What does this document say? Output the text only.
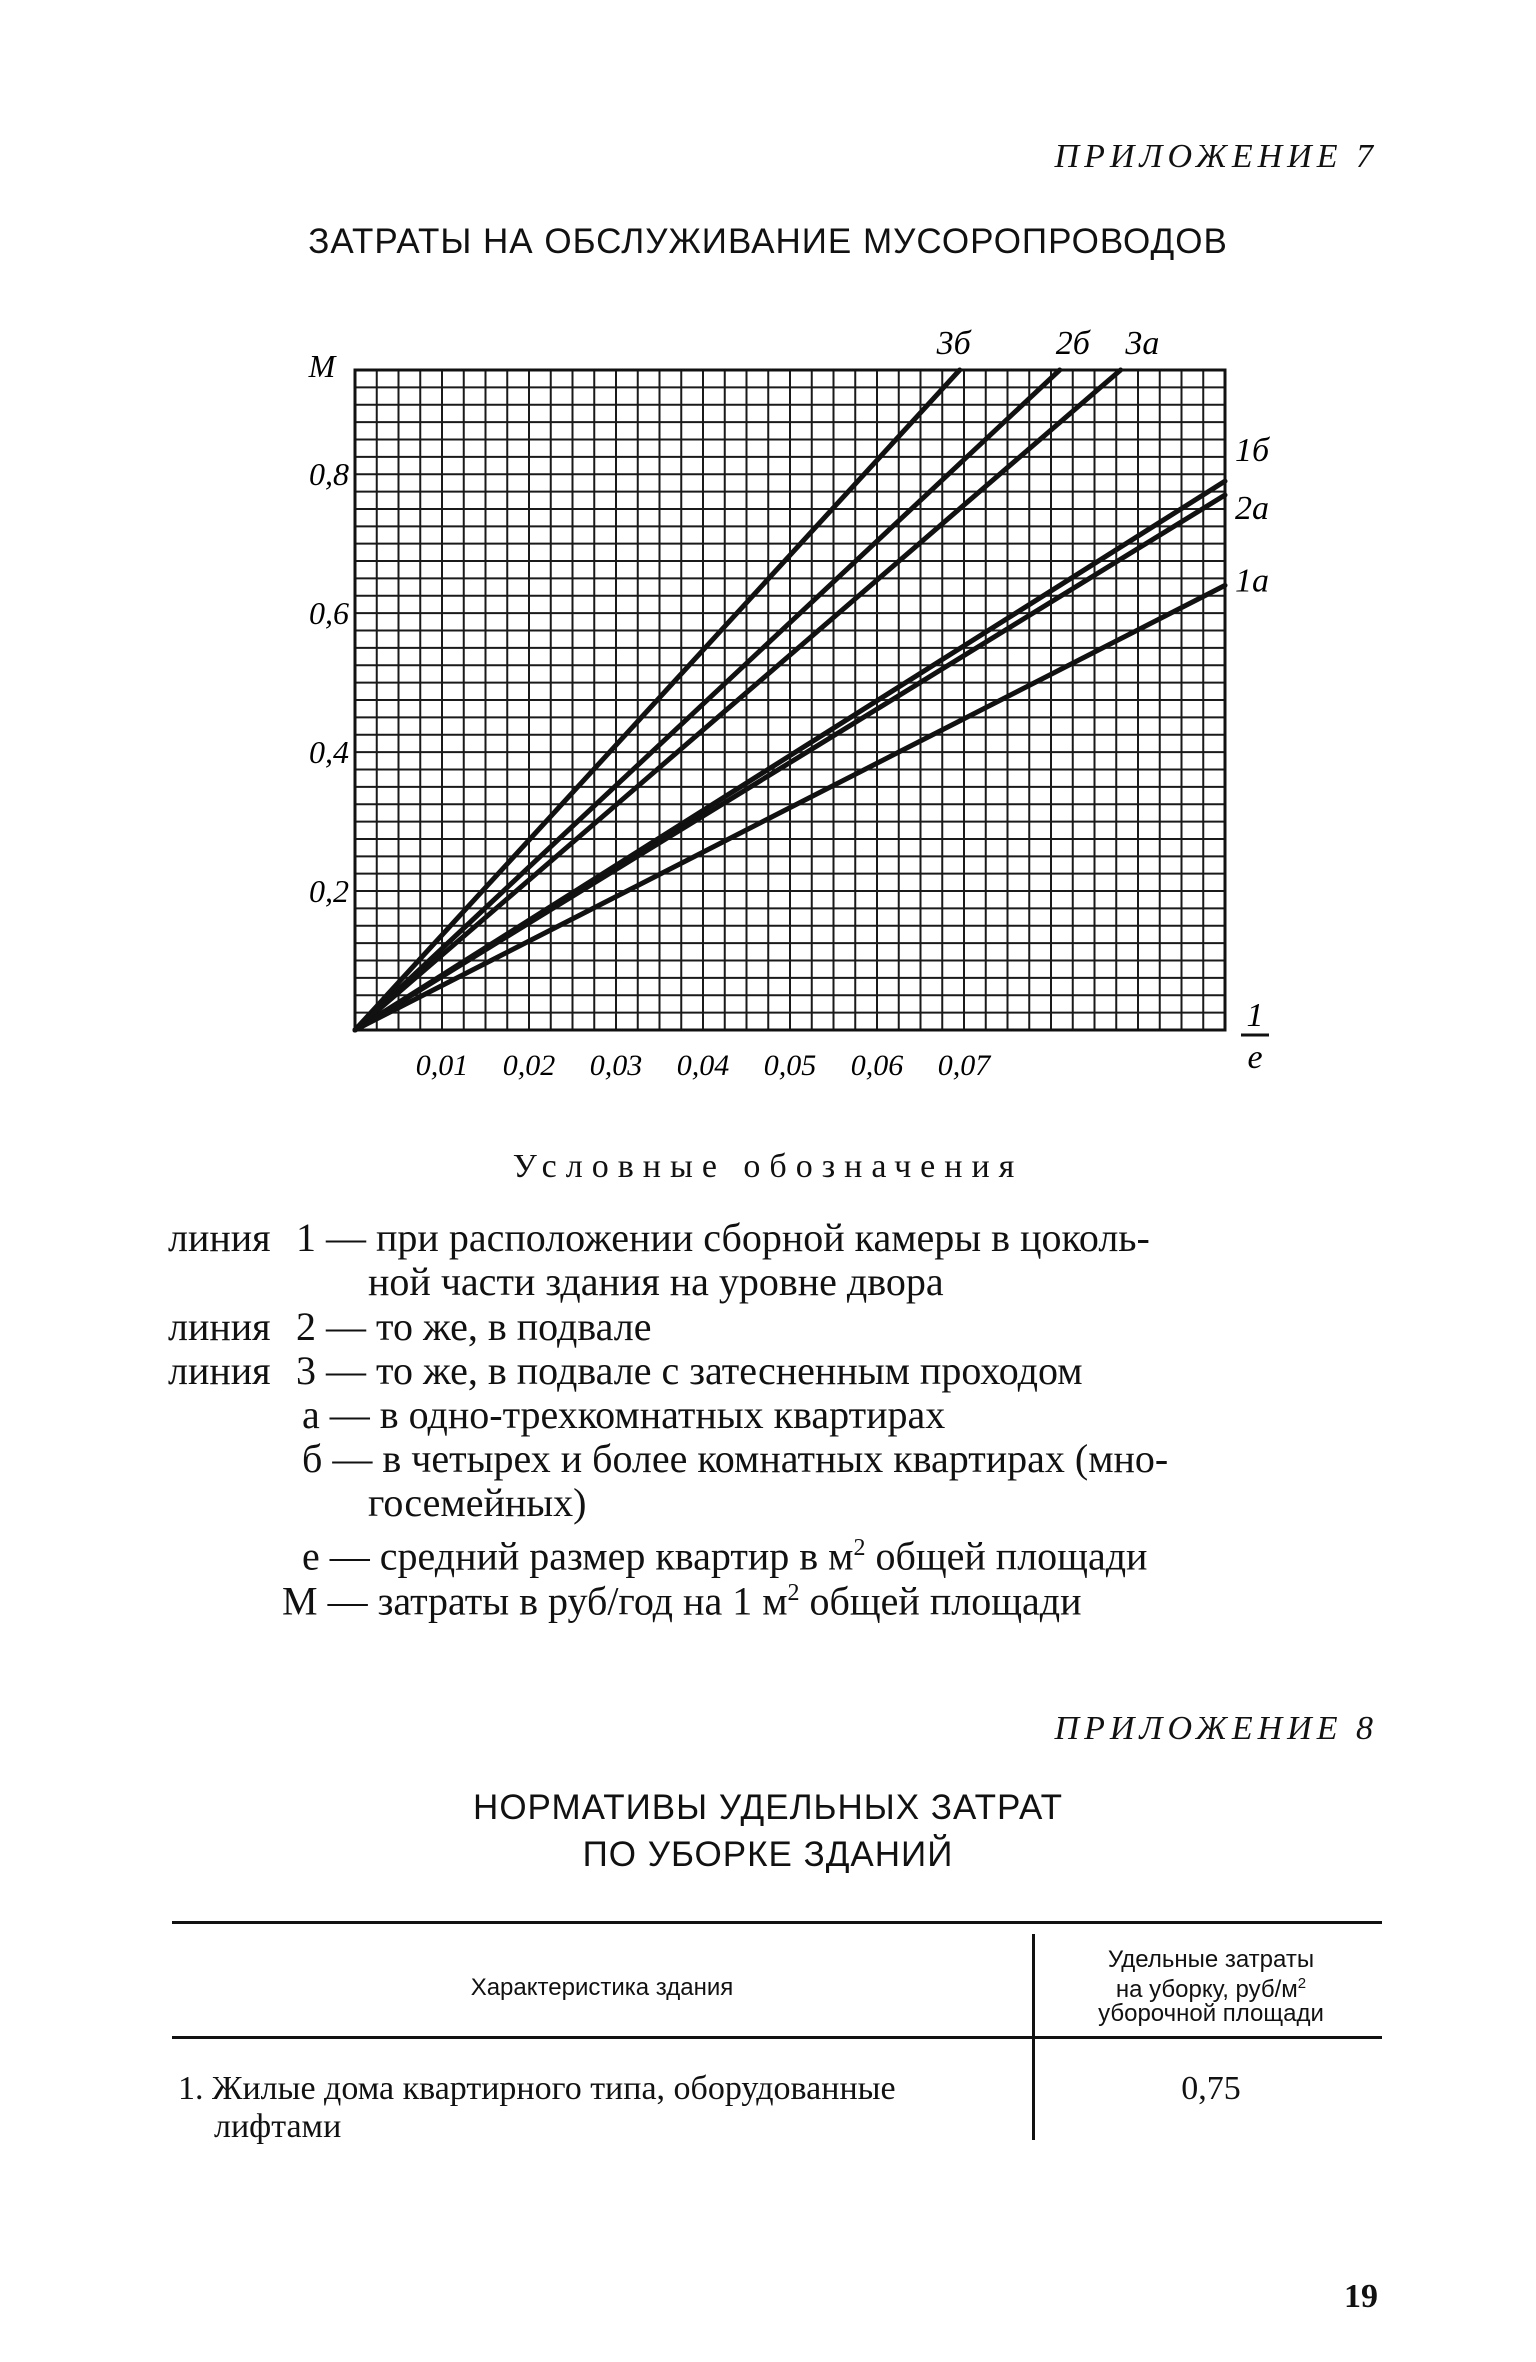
ПРИЛОЖЕНИЕ 7
ЗАТРАТЫ НА ОБСЛУЖИВАНИЕ МУСОРОПРОВОДОВ
3б 2б 3а
1б
2а
1а
0,2
0,4
0,6
0,8
0,01 0,02 0,03 0,04 0,05 0,06 0,07
М
1
e
Условные обозначения
линия 1 — при расположении сборной камеры в цоколь-
ной части здания на уровне двора
линия 2 — то же, в подвале
линия 3 — то же, в подвале с затесненным проходом
а — в одно-трехкомнатных квартирах
б — в четырех и более комнатных квартирах (мно-
госемейных)
е — средний размер квартир в $м^2$ общей площади
М — затраты в руб/год на 1 $м^2$ общей площади
ПРИЛОЖЕНИЕ 8
НОРМАТИВЫ УДЕЛЬНЫХ ЗАТРАТ
ПО УБОРКЕ ЗДАНИЙ
Характеристика здания
Удельные затраты
на уборку, руб/$м^2$
уборочной площади
1. Жилые дома квартирного типа, оборудованные
лифтами
0,75
19
